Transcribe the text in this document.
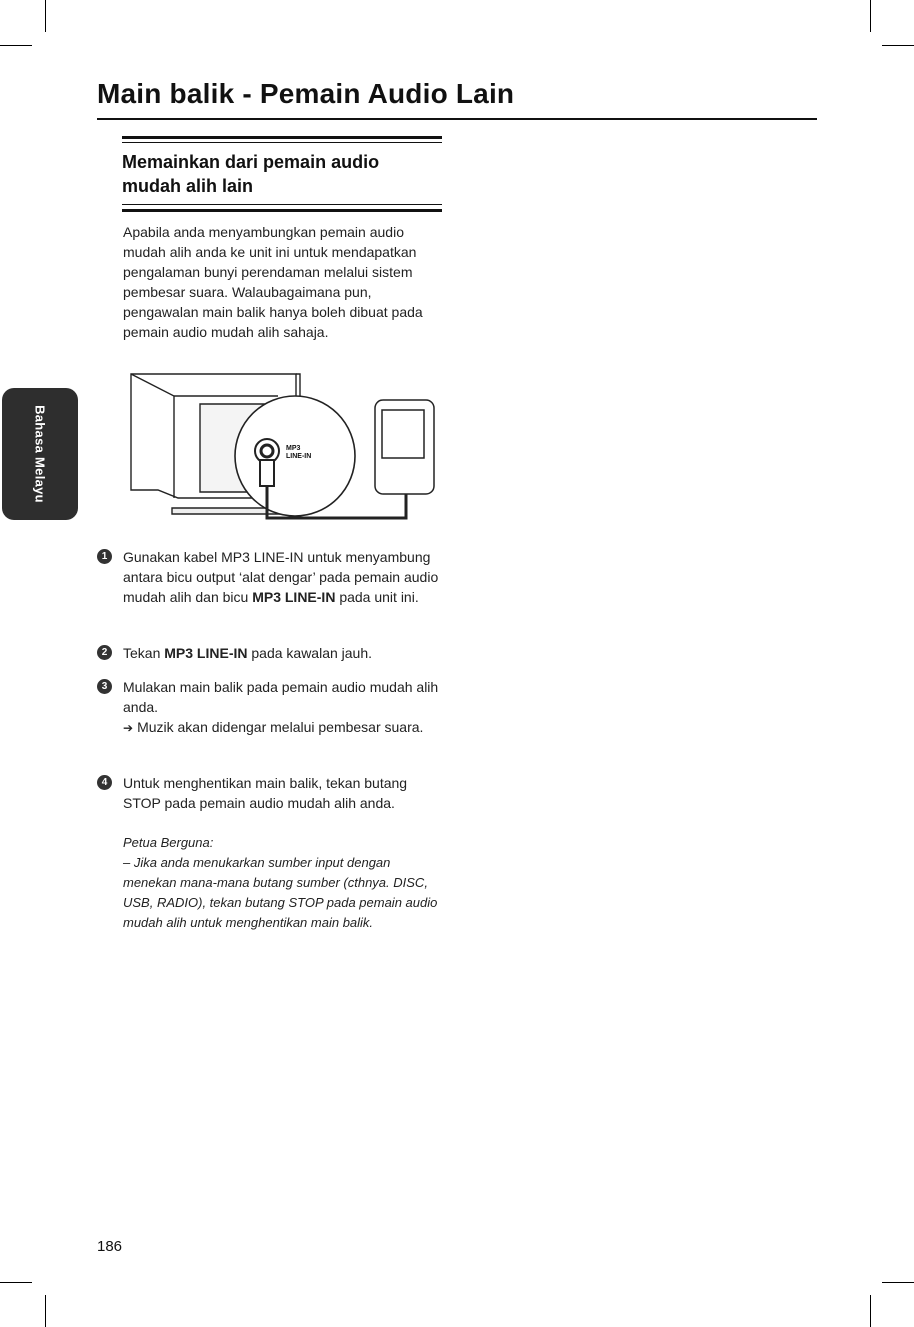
Main balik - Pemain Audio Lain
Bahasa Melayu
Memainkan dari pemain audio mudah alih lain

Apabila anda menyambungkan pemain audio mudah alih anda ke unit ini untuk mendapatkan pengalaman bunyi perendaman melalui sistem pembesar suara. Walaubagaimana pun, pengawalan main balik hanya boleh dibuat pada pemain audio mudah alih sahaja.

MP3
LINE-IN
1	Gunakan kabel MP3 LINE-IN untuk menyambung antara bicu output ‘alat dengar’ pada pemain audio mudah alih dan bicu MP3 LINE-IN pada unit ini.
2	Tekan MP3 LINE-IN pada kawalan jauh.
3	Mulakan main balik pada pemain audio mudah alih anda.
➔ Muzik akan didengar melalui pembesar suara.
4	Untuk menghentikan main balik, tekan butang STOP pada pemain audio mudah alih anda.
Petua Berguna:
– Jika anda menukarkan sumber input dengan menekan mana-mana butang sumber (cthnya. DISC, USB, RADIO), tekan butang STOP pada pemain audio mudah alih untuk menghentikan main balik.
186
